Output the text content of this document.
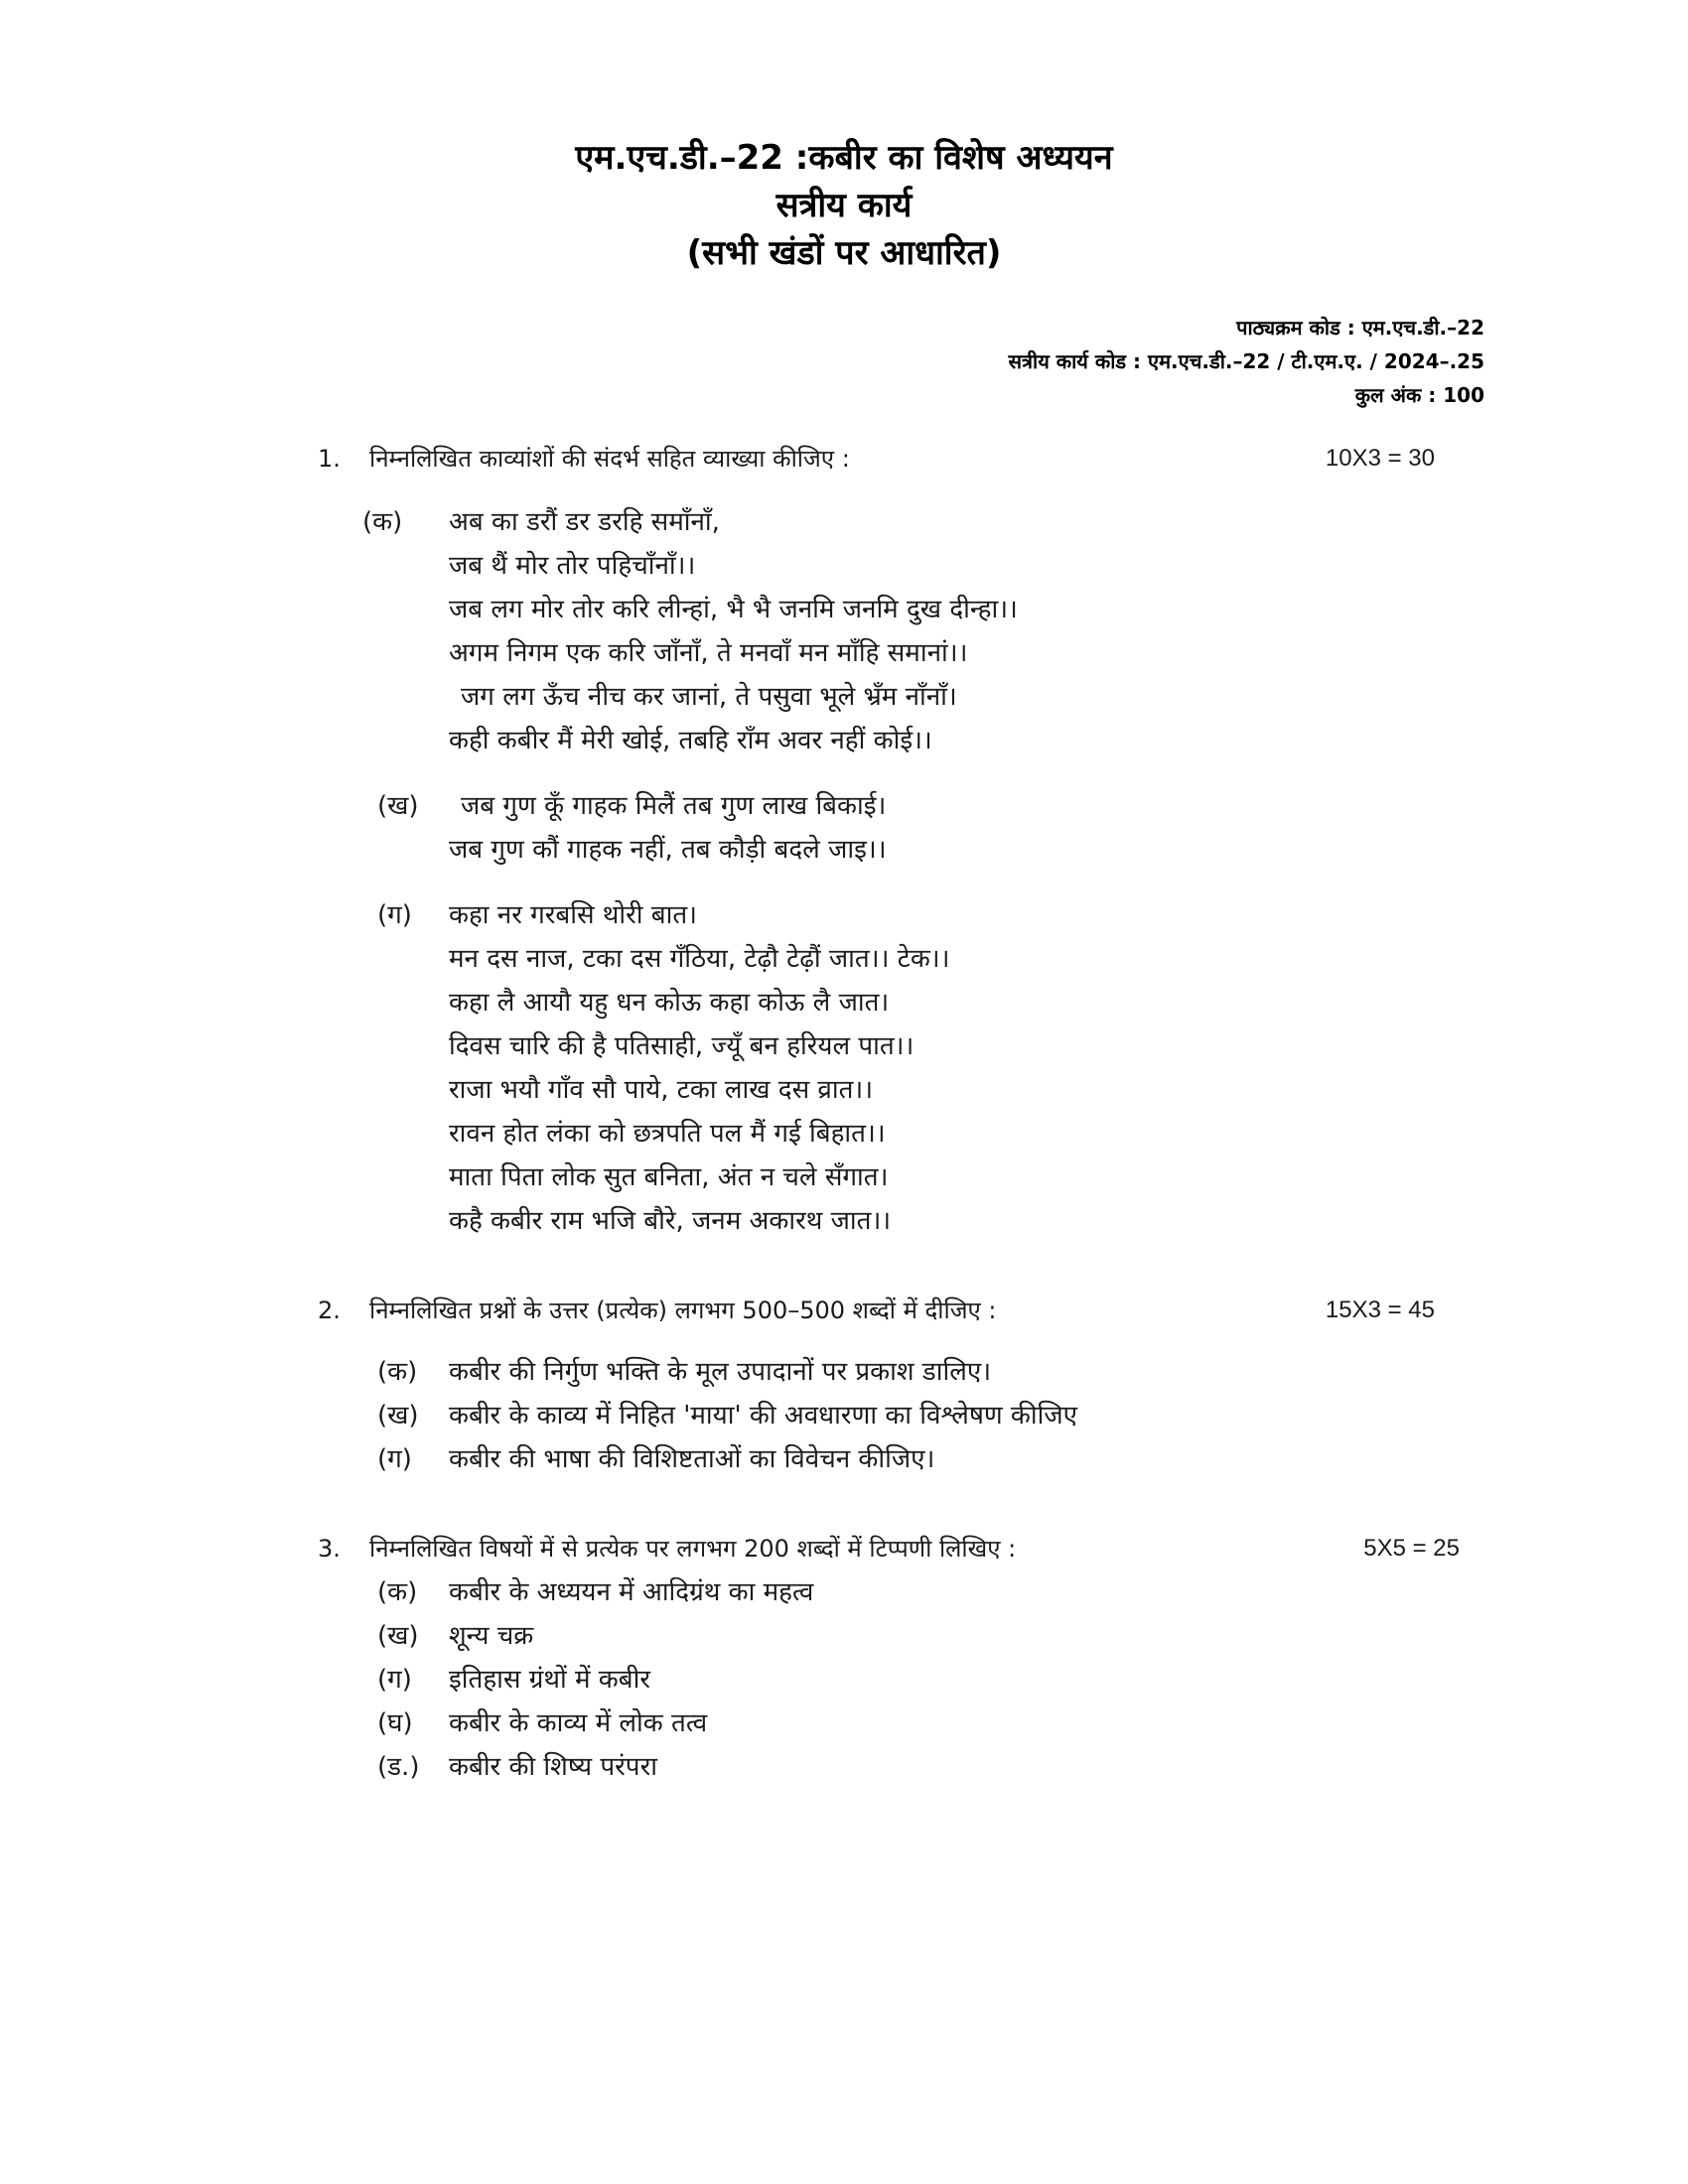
एम.एच.डी.–22 :कबीर का विशेष अध्ययन
सत्रीय कार्य
(सभी खंडों पर आधारित)
पाठ्यक्रम कोड : एम.एच.डी.–22
सत्रीय कार्य कोड : एम.एच.डी.–22 / टी.एम.ए. / 2024–.25
कुल अंक : 100
1. निम्नलिखित काव्यांशों की संदर्भ सहित व्याख्या कीजिए :	10X3 = 30
(क) अब का डरौं डर डरहि समाँनाँ,
जब थैं मोर तोर पहिचाँनाँ।।
जब लग मोर तोर करि लीन्हां, भै भै जनमि जनमि दुख दीन्हा।।
अगम निगम एक करि जाँनाँ, ते मनवाँ मन माँहि समानां।।
जग लग ऊँच नीच कर जानां, ते पसुवा भूले भ्रँम नाँनाँ।
कही कबीर मैं मेरी खोई, तबहि राँम अवर नहीं कोई।।
(ख)	जब गुण कूँ गाहक मिलैं तब गुण लाख बिकाई।
जब गुण कौं गाहक नहीं, तब कौड़ी बदले जाइ।।
(ग) कहा नर गरबसि थोरी बात।
मन दस नाज, टका दस गँठिया, टेढ़ौ टेढ़ौं जात।। टेक।।
कहा लै आयौ यहु धन कोऊ कहा कोऊ लै जात।
दिवस चारि की है पतिसाही, ज्यूँ बन हरियल पात।।
राजा भयौ गाँव सौ पाये, टका लाख दस व्रात।।
रावन होत लंका को छत्रपति पल मैं गई बिहात।।
माता पिता लोक सुत बनिता, अंत न चले सँगात।
कहै कबीर राम भजि बौरे, जनम अकारथ जात।।
2. निम्नलिखित प्रश्नों के उत्तर (प्रत्येक) लगभग 500–500 शब्दों में दीजिए :	15X3 = 45
(क) कबीर की निर्गुण भक्ति के मूल उपादानों पर प्रकाश डालिए।
(ख) कबीर के काव्य में निहित 'माया' की अवधारणा का विश्लेषण कीजिए
(ग) कबीर की भाषा की विशिष्टताओं का विवेचन कीजिए।
3. निम्नलिखित विषयों में से प्रत्येक पर लगभग 200 शब्दों में टिप्पणी लिखिए :	5X5 = 25
(क) कबीर के अध्ययन में आदिग्रंथ का महत्व
(ख) शून्य चक्र
(ग) इतिहास ग्रंथों में कबीर
(घ) कबीर के काव्य में लोक तत्व
(ड.) कबीर की शिष्य परंपरा
